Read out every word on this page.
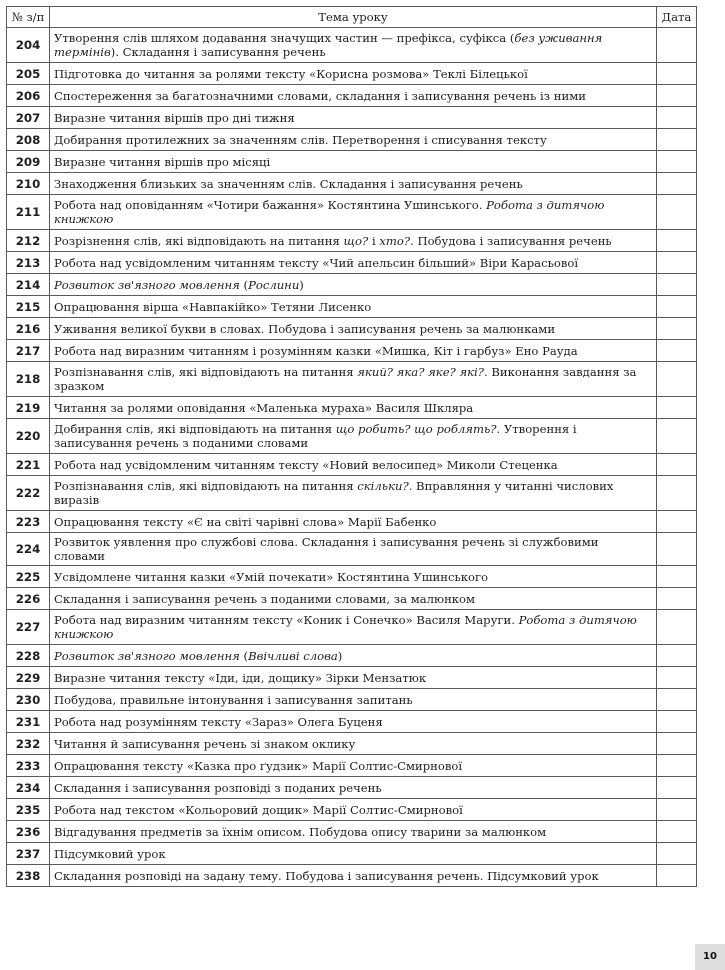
№ з/п	Тема уроку	Дата
204	Утворення слів шляхом додавання значущих частин — префікса, суфікса (без уживання термінів). Складання і записування речень	
205	Підготовка до читання за ролями тексту «Корисна розмова» Теклі Білецької	
206	Спостереження за багатозначними словами, складання і записування речень із ними	
207	Виразне читання віршів про дні тижня	
208	Добирання протилежних за значенням слів. Перетворення і списування тексту	
209	Виразне читання віршів про місяці	
210	Знаходження близьких за значенням слів. Складання і записування речень	
211	Робота над оповіданням «Чотири бажання» Костянтина Ушинського. Робота з дитячою книжкою	
212	Розрізнення слів, які відповідають на питання що? і хто?. Побудова і записування речень	
213	Робота над усвідомленим читанням тексту «Чий апельсин більший» Віри Карасьової	
214	Розвиток зв'язного мовлення (Рослини)	
215	Опрацювання вірша «Навпакійко» Тетяни Лисенко	
216	Уживання великої букви в словах. Побудова і записування речень за малюнками	
217	Робота над виразним читанням і розумінням казки «Мишка, Кіт і гарбуз» Ено Рауда	
218	Розпізнавання слів, які відповідають на питання який? яка? яке? які?. Виконання завдання за зразком	
219	Читання за ролями оповідання «Маленька мураха» Василя Шкляра	
220	Добирання слів, які відповідають на питання що робить? що роблять?. Утворення і записування речень з поданими словами	
221	Робота над усвідомленим читанням тексту «Новий велосипед» Миколи Стеценка	
222	Розпізнавання слів, які відповідають на питання скільки?. Вправляння у читанні числових виразів	
223	Опрацювання тексту «Є на світі чарівні слова» Марії Бабенко	
224	Розвиток уявлення про службові слова. Складання і записування речень зі службовими словами	
225	Усвідомлене читання казки «Умій почекати» Костянтина Ушинського	
226	Складання і записування речень з поданими словами, за малюнком	
227	Робота над виразним читанням тексту «Коник і Сонечко» Василя Маруги. Робота з дитячою книжкою	
228	Розвиток зв'язного мовлення (Ввічливі слова)	
229	Виразне читання тексту «Іди, іди, дощику» Зірки Мензатюк	
230	Побудова, правильне інтонування і записування запитань	
231	Робота над розумінням тексту «Зараз» Олега Буценя	
232	Читання й записування речень зі знаком оклику	
233	Опрацювання тексту «Казка про ґудзик» Марії Солтис-Смирнової	
234	Складання і записування розповіді з поданих речень	
235	Робота над текстом «Кольоровий дощик» Марії Солтис-Смирнової	
236	Відгадування предметів за їхнім описом. Побудова опису тварини за малюнком	
237	Підсумковий урок	
238	Складання розповіді на задану тему. Побудова і записування речень. Підсумковий урок	
10
